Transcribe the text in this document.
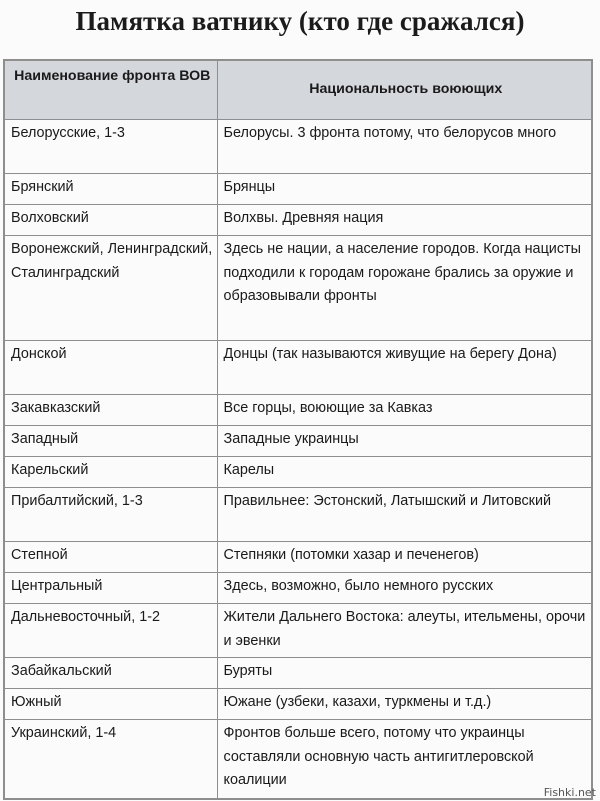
Памятка ватнику (кто где сражался)
Наименование фронта ВОВ	Национальность воюющих
Белорусские, 1-3	Белорусы. 3 фронта потому, что белорусов много
Брянский	Брянцы
Волховский	Волхвы. Древняя нация
Воронежский, Ленинградский, Сталинградский	Здесь не нации, а население городов. Когда нацисты подходили к городам горожане брались за оружие и образовывали фронты
Донской	Донцы (так называются живущие на берегу Дона)
Закавказский	Все горцы, воюющие за Кавказ
Западный	Западные украинцы
Карельский	Карелы
Прибалтийский, 1-3	Правильнее: Эстонский, Латышский и Литовский
Степной	Степняки (потомки хазар и печенегов)
Центральный	Здесь, возможно, было немного русских
Дальневосточный, 1-2	Жители Дальнего Востока: алеуты, ительмены, орочи и эвенки
Забайкальский	Буряты
Южный	Южане (узбеки, казахи, туркмены и т.д.)
Украинский, 1-4	Фронтов больше всего, потому что украинцы составляли основную часть антигитлеровской коалиции
Fishki.net
